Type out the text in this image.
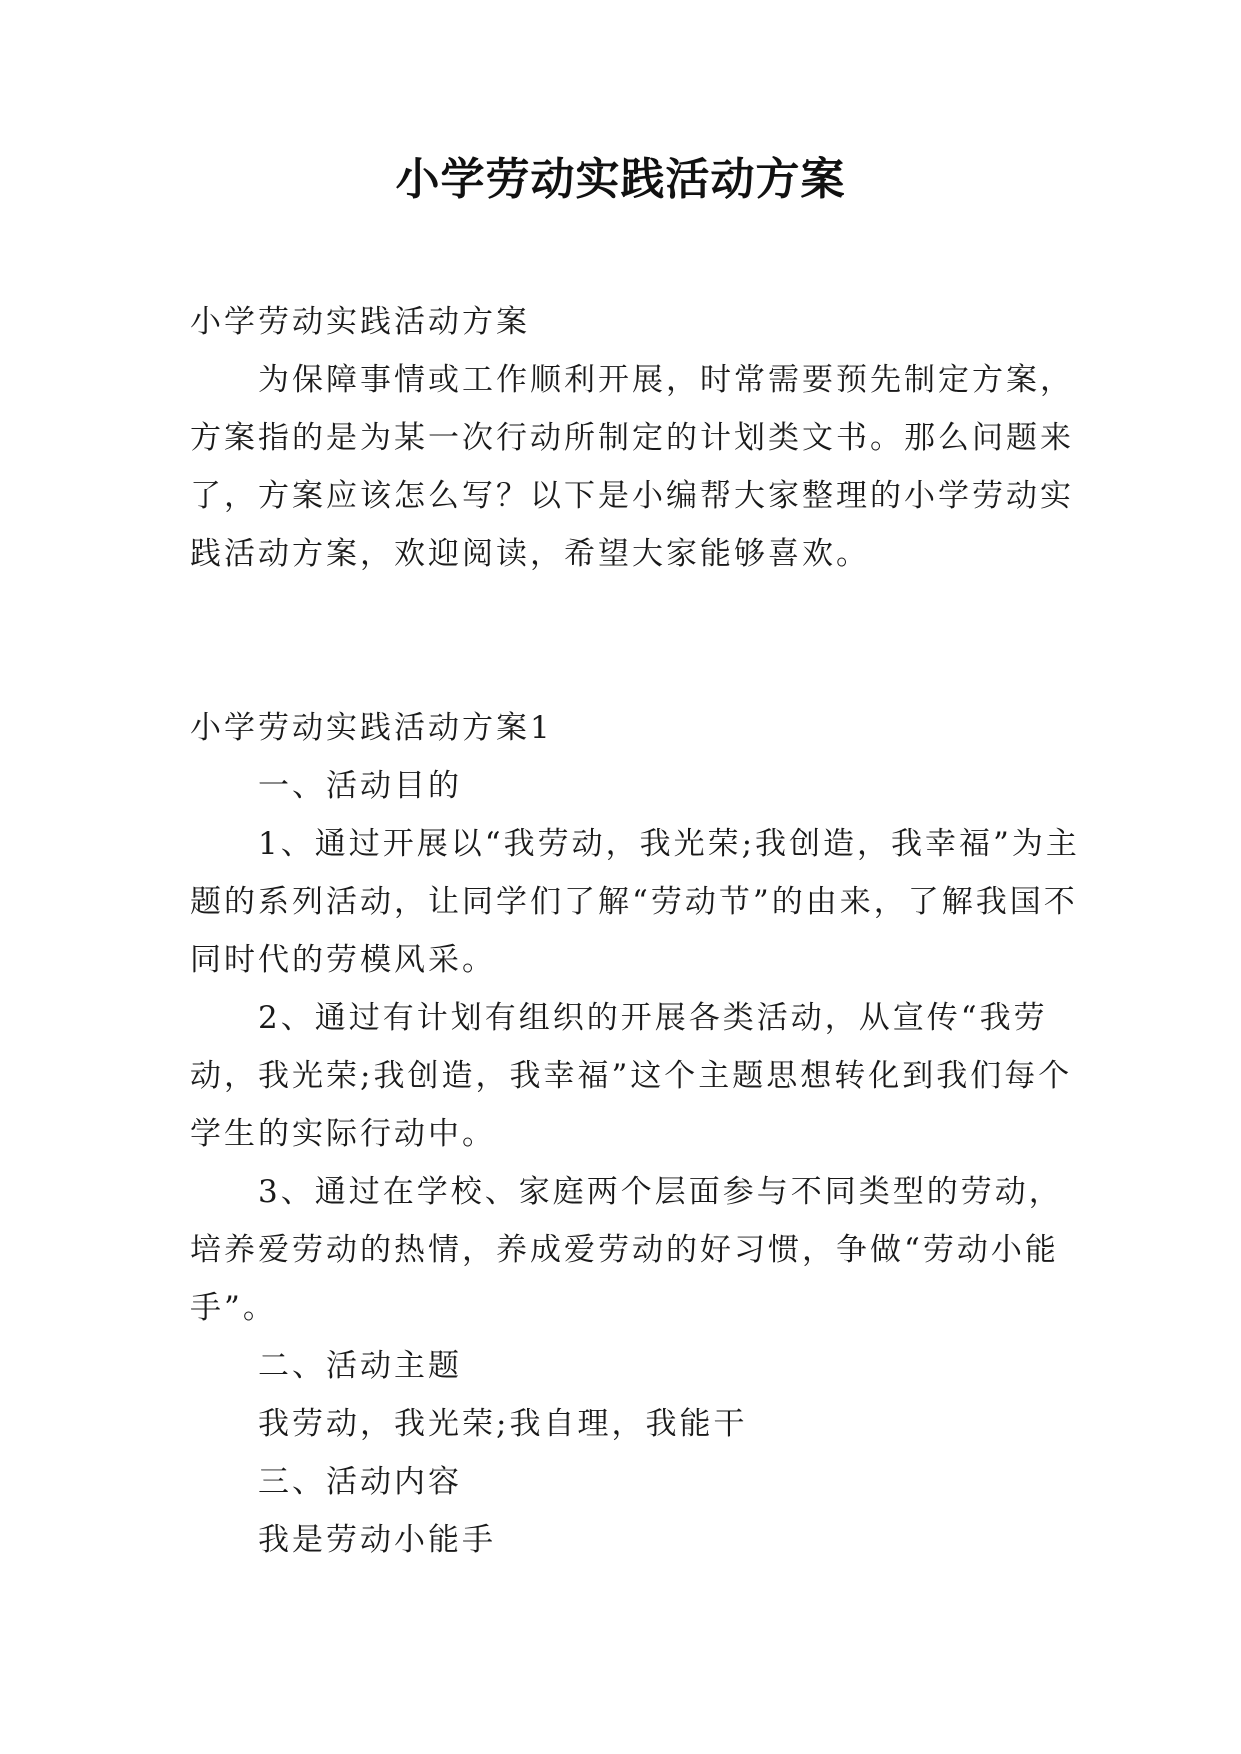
小学劳动实践活动方案

小学劳动实践活动方案

为保障事情或工作顺利开展，时常需要预先制定方案，方案指的是为某一次行动所制定的计划类文书。那么问题来了，方案应该怎么写？以下是小编帮大家整理的小学劳动实践活动方案，欢迎阅读，希望大家能够喜欢。

小学劳动实践活动方案1

一、活动目的

1、通过开展以“我劳动，我光荣;我创造，我幸福”为主题的系列活动，让同学们了解“劳动节”的由来，了解我国不同时代的劳模风采。

2、通过有计划有组织的开展各类活动，从宣传“我劳动，我光荣;我创造，我幸福”这个主题思想转化到我们每个学生的实际行动中。

3、通过在学校、家庭两个层面参与不同类型的劳动，培养爱劳动的热情，养成爱劳动的好习惯，争做“劳动小能手”。

二、活动主题

我劳动，我光荣;我自理，我能干

三、活动内容

我是劳动小能手
